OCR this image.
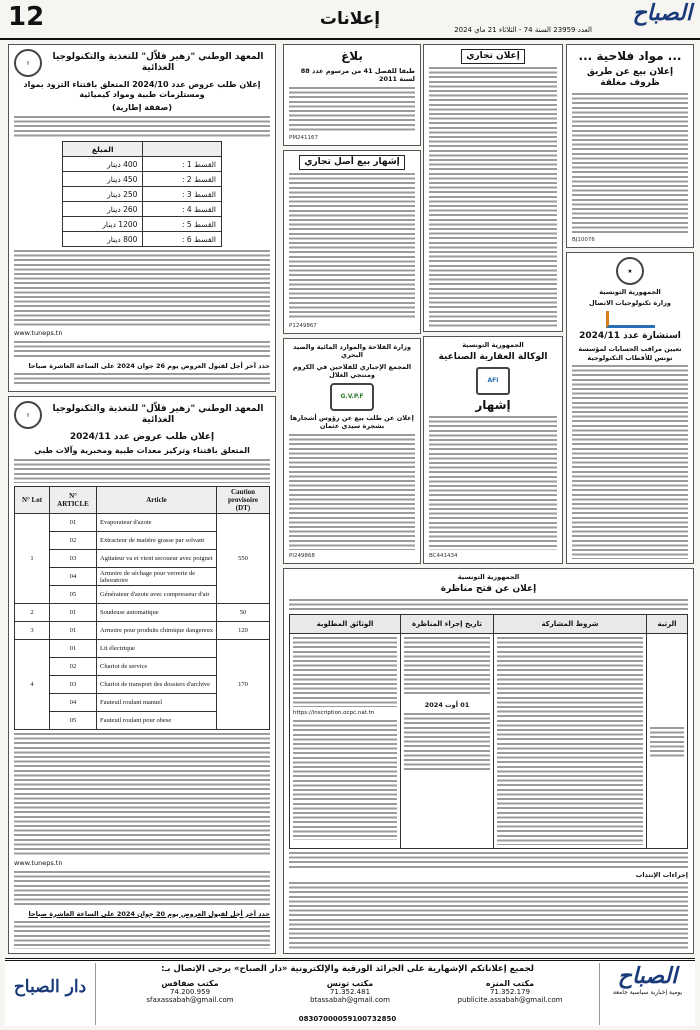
12	إعلانات	الصباح
العدد 23959 السنة 74 - الثلاثاء 21 ماي 2024
... مواد فلاحية ...
إعلان بيع عن طريق ظروف مغلقة
BJ10076
★
الجمهورية التونسية
وزارة تكنولوجيات الاتصال
استشارة عدد 2024/11
تعيين مراقب الحسابات لمؤسسة تونس للأقطاب التكنولوجية
إعلان تجاري
الجمهورية التونسية
الوكالة العقارية الصناعية
AFI
إشهار
BC441434
بلاغ
طبقا للفصل 41 من مرسوم عدد 88 لسنة 2011
PM241167
إشهار بيع أصل تجاري
P1249867
وزارة الفلاحة والموارد المائية والصيد البحري
المجمع الإجباري للفلاحين في الكروم ومنتجي الغلال
G.V.P.F
إعلان عن طلب بيع عن رؤوس أشجارها بشجرة سيدي عثمان
PI249868
المعهد الوطني "زهير فلاّل" للتغذية والتكنولوجيا الغذائية
⚕
إعلان طلب عروض عدد 2024/10 المتعلق باقتناء التزود بمواد ومستلزمات طبية ومواد كيميائية
(صفقة إطارية)
	المبلغ
القسط 1 :	400 دينار
القسط 2 :	450 دينار
القسط 3 :	250 دينار
القسط 4 :	260 دينار
القسط 5 :	1200 دينار
القسط 6 :	800 دينار
www.tuneps.tn
حدد آخر أجل لقبول العروض يوم 26 جوان 2024 على الساعة العاشرة صباحا
المعهد الوطني "زهير فلاّل" للتغذية والتكنولوجيا الغذائية
⚕
إعلان طلب عروض عدد 2024/11
المتعلق باقتناء وتركيز معدات طبية ومخبرية وآلات طبي
N° Lot	N° ARTICLE	Article	Caution provisoire (DT)
1	01	Evaporateur d'azote	550
	02	Extracteur de matière grasse par solvant	
	03	Agitateur va et vient secoueur avec poignet	
	04	Armoire de séchage pour verrerie de laboratoire	
	05	Générateur d'azote avec compresseur d'air	
2	01	Soudeuse automatique	50
3	01	Armoire pour produits chimique dangereux	120
4	01	Lit électrique	170
	02	Chariot de service	
	03	Chariot de transport des dossiers d'archive	
	04	Fauteuil roulant manuel	
	05	Fauteuil roulant pour obese	
www.tuneps.tn
حدد آخر أجل لقبول العروض يوم 20 جوان 2024 على الساعة العاشرة صباحا
الجمهورية التونسية
إعلان عن فتح مناظرة
الرتبة	شروط المشاركة	تاريخ إجراء المناظرة	الوثائق المطلوبة

		01 أوت 2024	https://inscription.ocpc.nat.tn
إجراءات الإنتداب
الصباح
يومية إخبارية سياسية جامعة
دار الصباح
لجميع إعلاناتكم الإشهارية على الجرائد الورقية والإلكترونية «دار الصباح» يرجى الإتصال بـ:
مكتب المنزه
71.352.179
publicite.assabah@gmail.com
مكتب تونس
71.352.481
btassabah@gmail.com
مكتب صفاقس
74.200.959
sfaxassabah@gmail.com
08307000059100732850
